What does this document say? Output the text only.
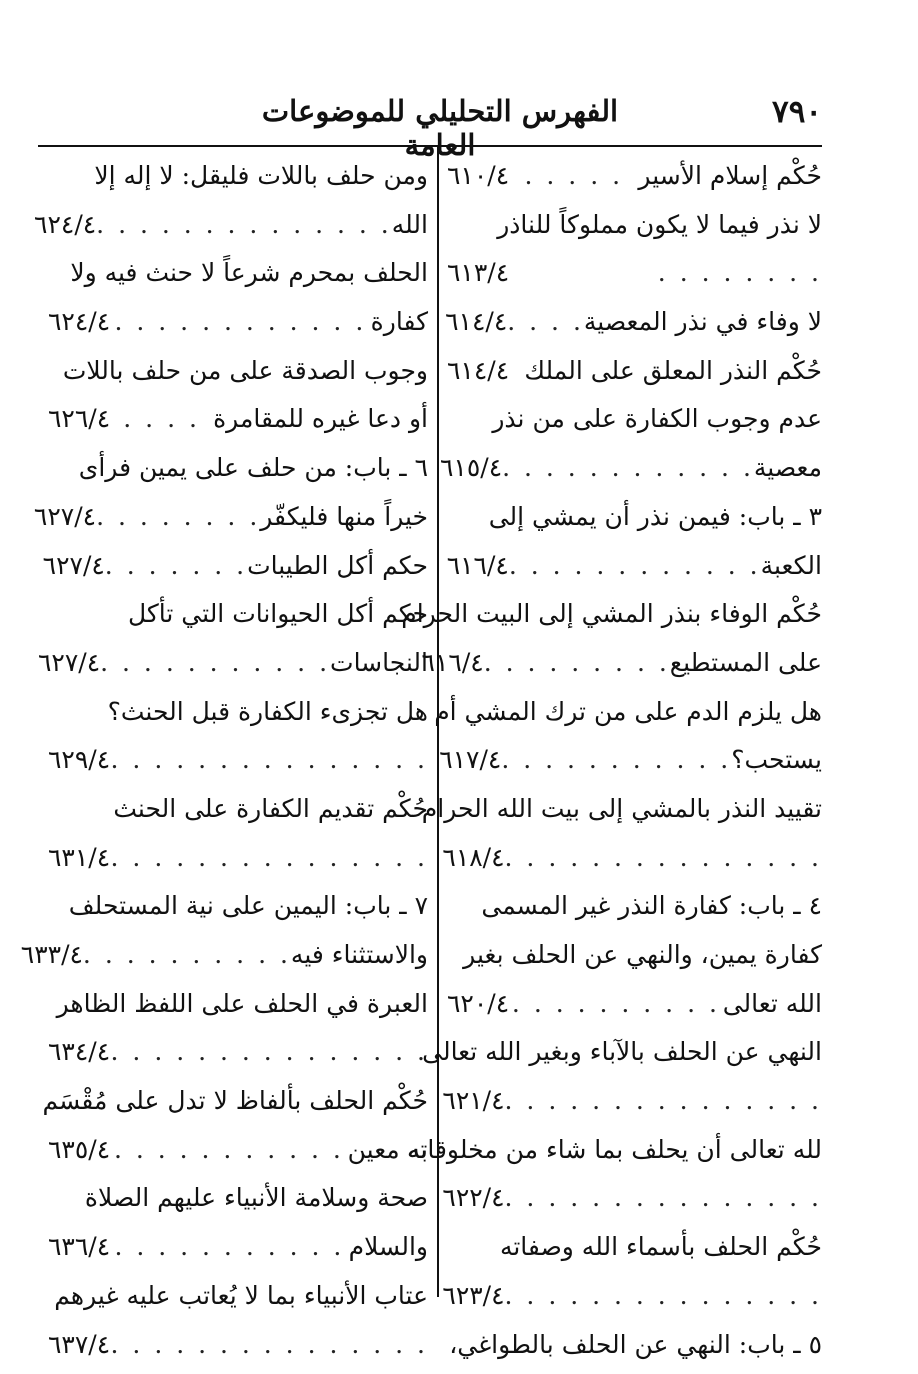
٧٩٠
الفهرس التحليلي للموضوعات العامة
حُكْم إسلام الأسير
. . . . .
٦١٠/٤
لا نذر فيما لا يكون مملوكاً للناذر
. . . . . . . .
٦١٣/٤
لا وفاء في نذر المعصية
. . . .
٦١٤/٤
حُكْم النذر المعلق على الملك
٦١٤/٤
عدم وجوب الكفارة على من نذر
معصية
. . . . . . . . . . . .
٦١٥/٤
٣ ـ باب: فيمن نذر أن يمشي إلى
الكعبة
. . . . . . . . . . . .
٦١٦/٤
حُكْم الوفاء بنذر المشي إلى البيت الحرام
على المستطيع
. . . . . . . . .
٦١٦/٤
هل يلزم الدم على من ترك المشي أم
يستحب؟
. . . . . . . . . . .
٦١٧/٤
تقييد النذر بالمشي إلى بيت الله الحرام
. . . . . . . . . . . . . . .
٦١٨/٤
٤ ـ باب: كفارة النذر غير المسمى
كفارة يمين، والنهي عن الحلف بغير
الله تعالى
. . . . . . . . . .
٦٢٠/٤
النهي عن الحلف بالآباء وبغير الله تعالى
. . . . . . . . . . . . . . .
٦٢١/٤
لله تعالى أن يحلف بما شاء من مخلوقاته
. . . . . . . . . . . . . . .
٦٢٢/٤
حُكْم الحلف بأسماء الله وصفاته
. . . . . . . . . . . . . . .
٦٢٣/٤
٥ ـ باب: النهي عن الحلف بالطواغي،
ومن حلف باللات فليقل: لا إله إلا
الله
. . . . . . . . . . . . . .
٦٢٤/٤
الحلف بمحرم شرعاً لا حنث فيه ولا
كفارة
. . . . . . . . . . . .
٦٢٤/٤
وجوب الصدقة على من حلف باللات
أو دعا غيره للمقامرة
. . . .
٦٢٦/٤
٦ ـ باب: من حلف على يمين فرأى
خيراً منها فليكفّر
. . . . . . . .
٦٢٧/٤
حكم أكل الطيبات
. . . . . . .
٦٢٧/٤
حكم أكل الحيوانات التي تأكل
النجاسات
. . . . . . . . . . .
٦٢٧/٤
هل تجزىء الكفارة قبل الحنث؟
. . . . . . . . . . . . . . .
٦٢٩/٤
حُكْم تقديم الكفارة على الحنث
. . . . . . . . . . . . . . .
٦٣١/٤
٧ ـ باب: اليمين على نية المستحلف
والاستثناء فيه
. . . . . . . . . .
٦٣٣/٤
العبرة في الحلف على اللفظ الظاهر
. . . . . . . . . . . . . . .
٦٣٤/٤
حُكْم الحلف بألفاظ لا تدل على مُقْسَم
به معين
. . . . . . . . . . .
٦٣٥/٤
صحة وسلامة الأنبياء عليهم الصلاة
والسلام
. . . . . . . . . . .
٦٣٦/٤
عتاب الأنبياء بما لا يُعاتب عليه غيرهم
. . . . . . . . . . . . . . .
٦٣٧/٤
